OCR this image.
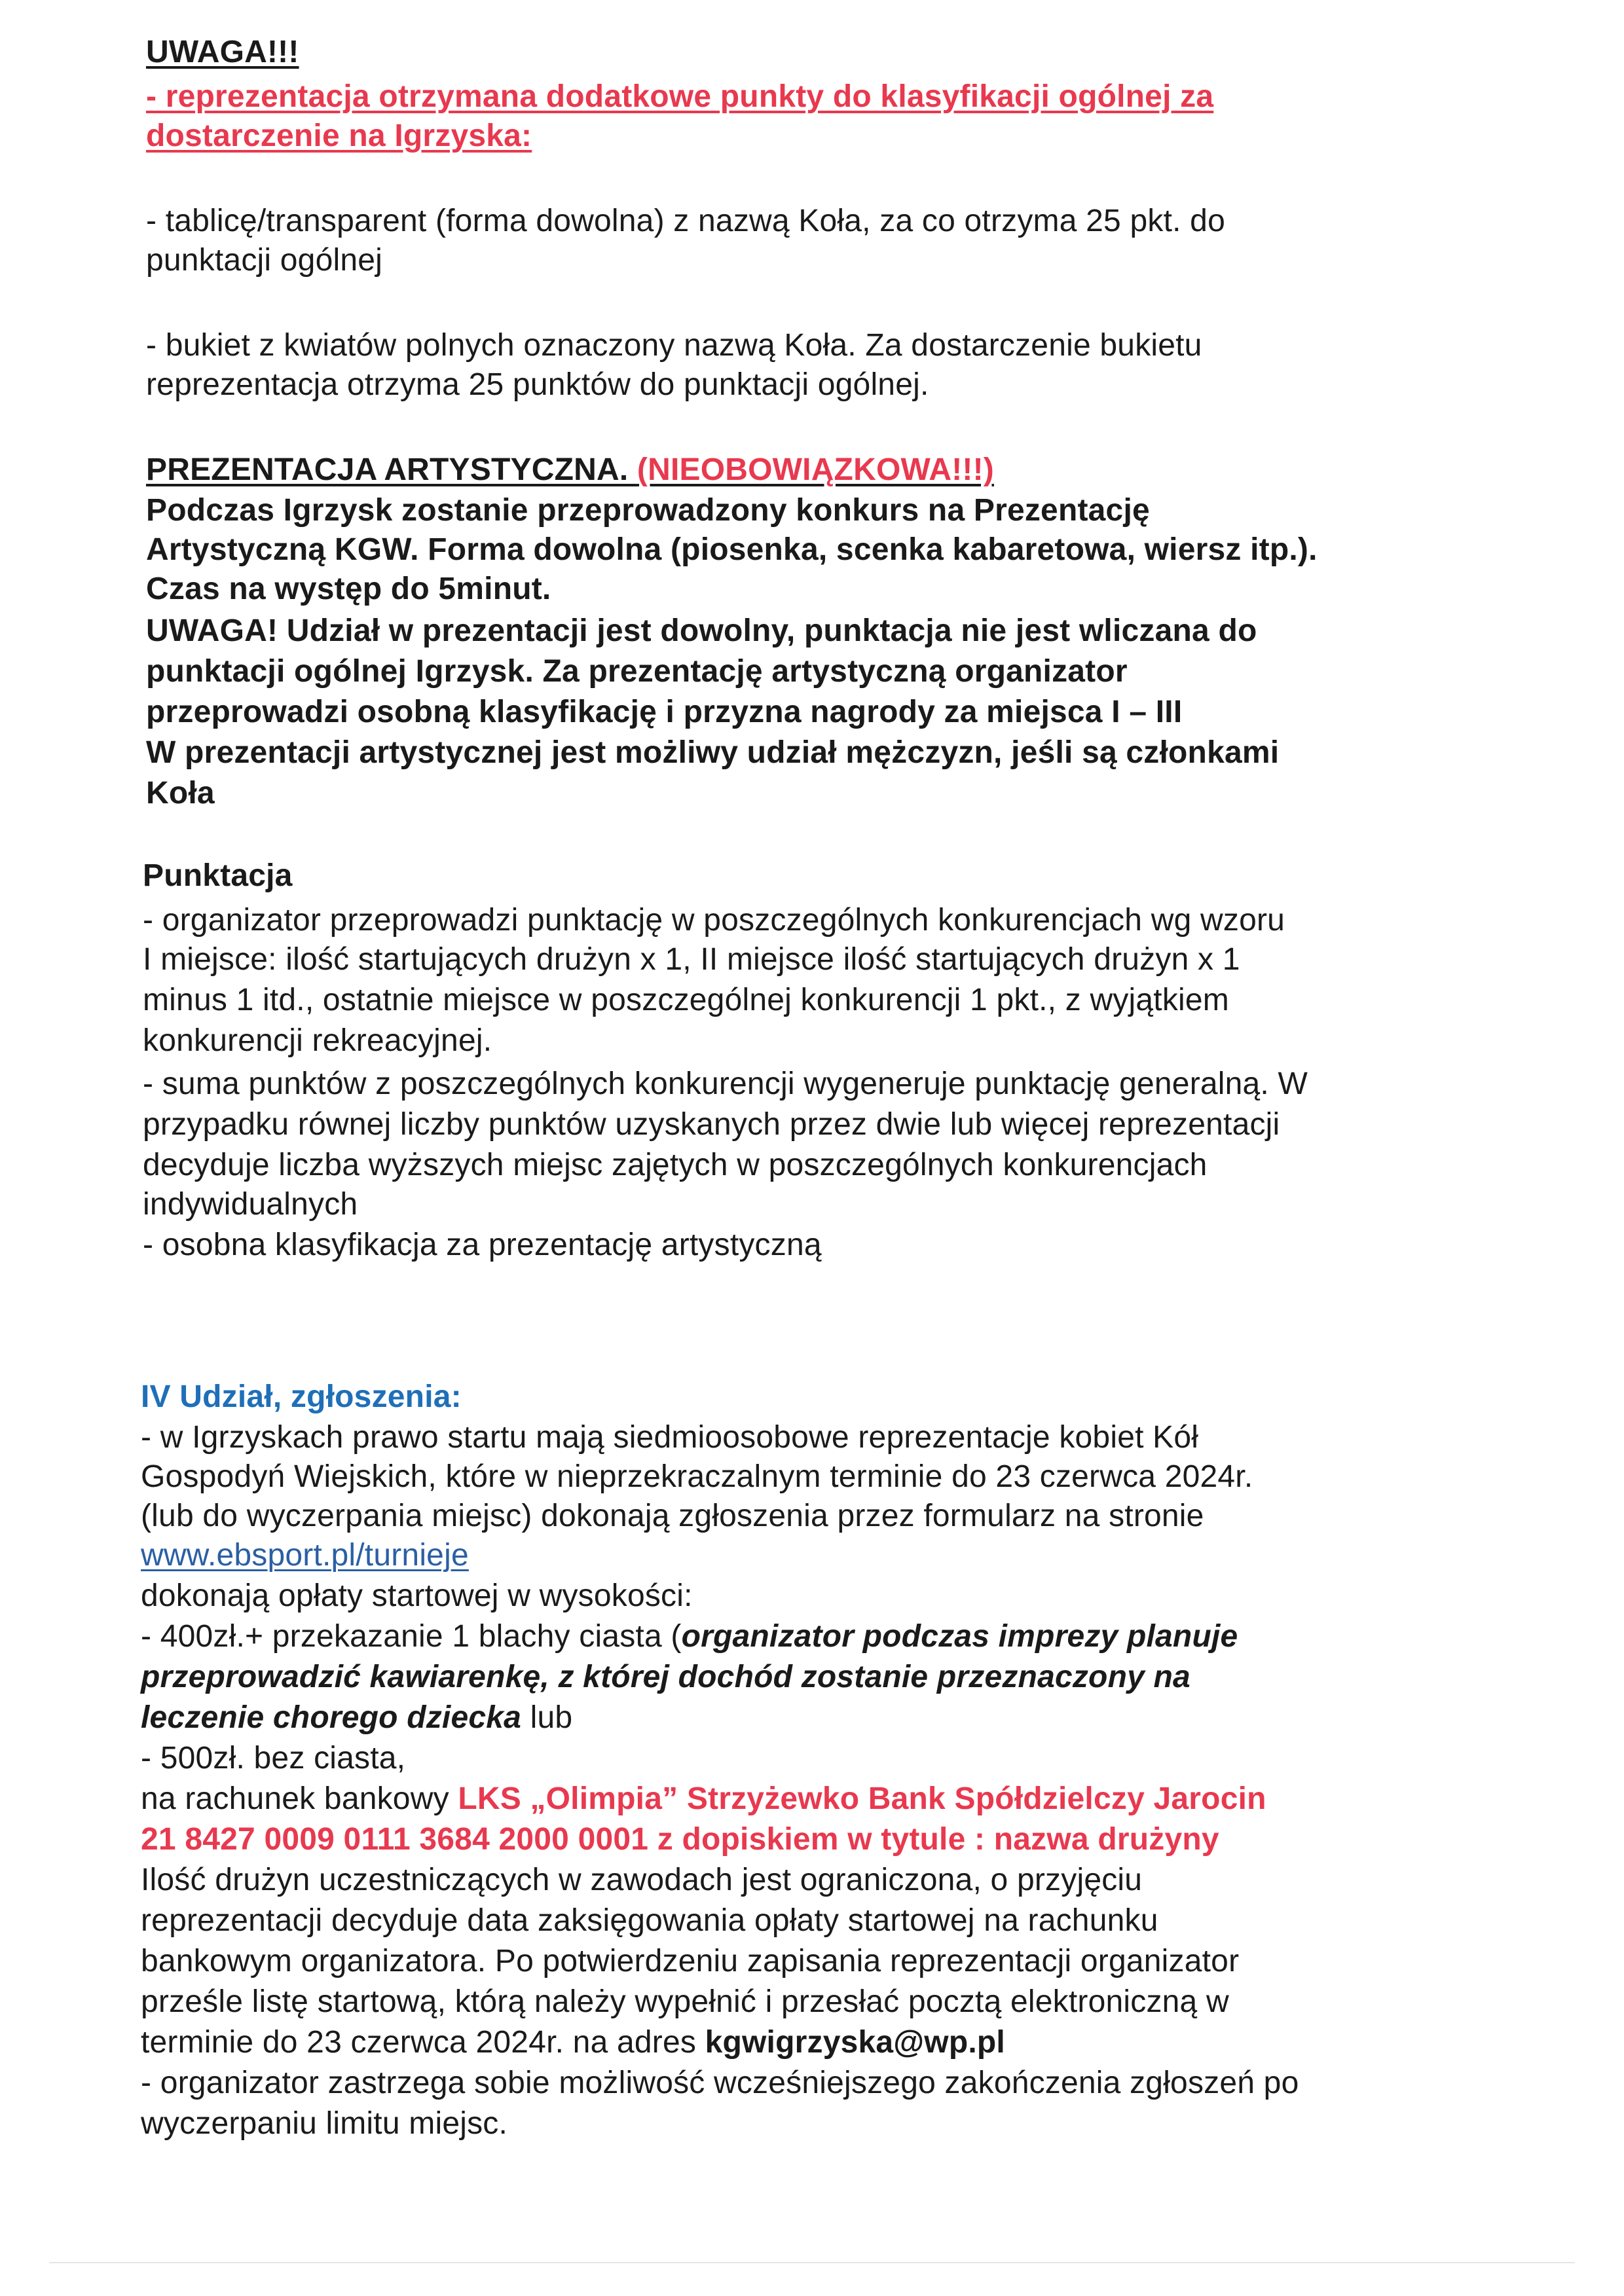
UWAGA!!!
- reprezentacja otrzymana dodatkowe punkty do klasyfikacji ogólnej za
dostarczenie na Igrzyska:
- tablicę/transparent (forma dowolna) z nazwą Koła, za co otrzyma 25 pkt. do
punktacji ogólnej
- bukiet z kwiatów polnych oznaczony nazwą Koła. Za dostarczenie bukietu
reprezentacja otrzyma 25 punktów do punktacji ogólnej.
PREZENTACJA ARTYSTYCZNA. (NIEOBOWIĄZKOWA!!!)
Podczas Igrzysk zostanie przeprowadzony konkurs na Prezentację
Artystyczną KGW. Forma dowolna (piosenka, scenka kabaretowa, wiersz itp.).
Czas na występ do 5minut.
UWAGA! Udział w prezentacji jest dowolny, punktacja nie jest wliczana do
punktacji ogólnej Igrzysk. Za prezentację artystyczną organizator
przeprowadzi osobną klasyfikację i przyzna nagrody za miejsca I – III
W prezentacji artystycznej jest możliwy udział mężczyzn, jeśli są członkami
Koła
Punktacja
- organizator przeprowadzi punktację w poszczególnych konkurencjach wg wzoru
I miejsce: ilość startujących drużyn x 1, II miejsce ilość startujących drużyn x 1
minus 1 itd., ostatnie miejsce w poszczególnej konkurencji 1 pkt., z wyjątkiem
konkurencji rekreacyjnej.
- suma punktów z poszczególnych konkurencji wygeneruje punktację generalną. W
przypadku równej liczby punktów uzyskanych przez dwie lub więcej reprezentacji
decyduje liczba wyższych miejsc zajętych w poszczególnych konkurencjach
indywidualnych
- osobna klasyfikacja za prezentację artystyczną
IV Udział, zgłoszenia:
- w Igrzyskach prawo startu mają siedmioosobowe reprezentacje kobiet Kół
Gospodyń Wiejskich, które w nieprzekraczalnym terminie do 23 czerwca 2024r.
(lub do wyczerpania miejsc) dokonają zgłoszenia przez formularz na stronie
www.ebsport.pl/turnieje
dokonają opłaty startowej w wysokości:
- 400zł.+ przekazanie 1 blachy ciasta (organizator podczas imprezy planuje
przeprowadzić kawiarenkę, z której dochód zostanie przeznaczony na
leczenie chorego dziecka lub
- 500zł. bez ciasta,
na rachunek bankowy LKS „Olimpia” Strzyżewko Bank Spółdzielczy Jarocin
21 8427 0009 0111 3684 2000 0001 z dopiskiem w tytule : nazwa drużyny
Ilość drużyn uczestniczących w zawodach jest ograniczona, o przyjęciu
reprezentacji decyduje data zaksięgowania opłaty startowej na rachunku
bankowym organizatora. Po potwierdzeniu zapisania reprezentacji organizator
prześle listę startową, którą należy wypełnić i przesłać pocztą elektroniczną w
terminie do 23 czerwca 2024r. na adres kgwigrzyska@wp.pl
- organizator zastrzega sobie możliwość wcześniejszego zakończenia zgłoszeń po
wyczerpaniu limitu miejsc.
